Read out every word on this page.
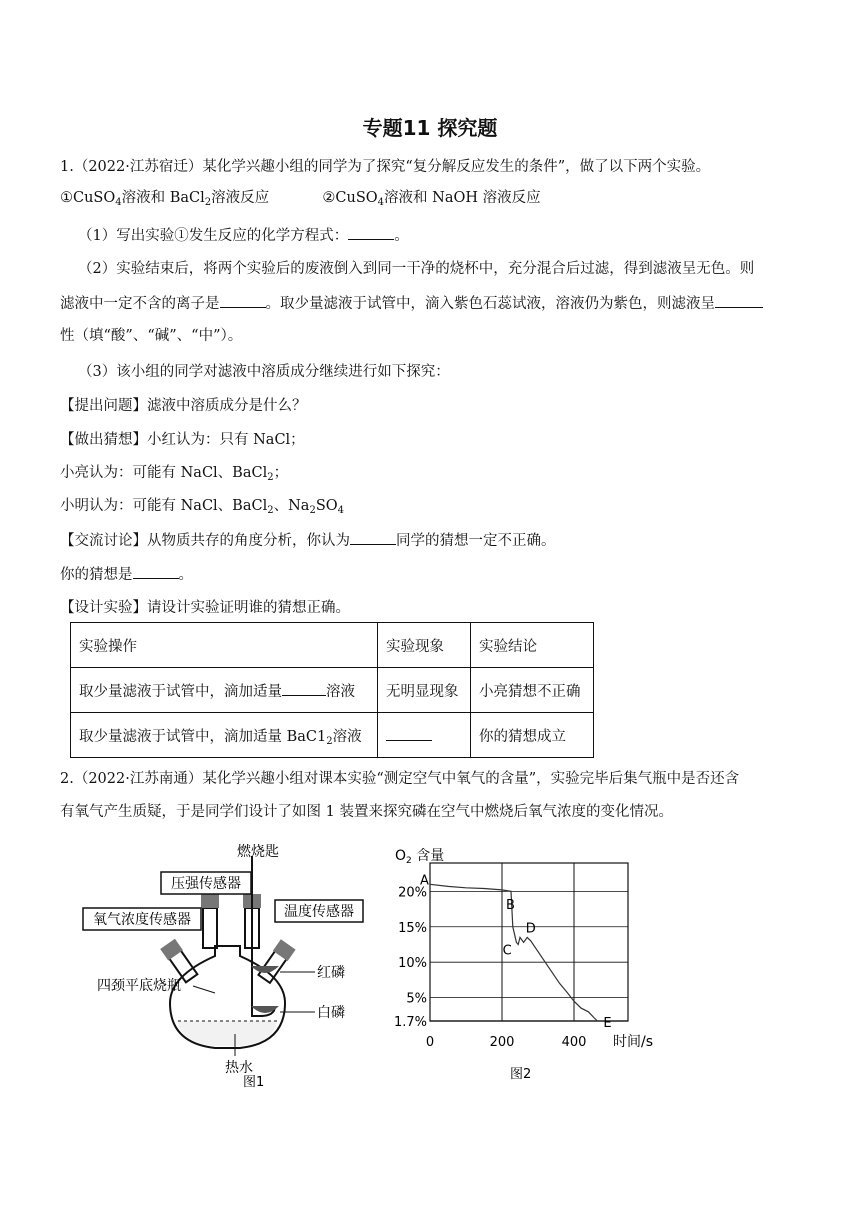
专题11 探究题
1.（2022·江苏宿迁）某化学兴趣小组的同学为了探究“复分解反应发生的条件”，做了以下两个实验。
①CuSO$_4$溶液和 BaCl$_2$溶液反应	②CuSO$_4$溶液和 NaOH 溶液反应
（1）写出实验①发生反应的化学方程式：	。
（2）实验结束后，将两个实验后的废液倒入到同一干净的烧杯中，充分混合后过滤，得到滤液呈无色。则
滤液中一定不含的离子是	。取少量滤液于试管中，滴入紫色石蕊试液，溶液仍为紫色，则滤液呈
性（填“酸”、“碱”、“中”）。
（3）该小组的同学对滤液中溶质成分继续进行如下探究：
【提出问题】滤液中溶质成分是什么？
【做出猜想】小红认为：只有 NaCl；
小亮认为：可能有 NaCl、BaCl$_2$；
小明认为：可能有 NaCl、BaCl$_2$、$Na_2SO_4$
【交流讨论】从物质共存的角度分析，你认为	同学的猜想一定不正确。
你的猜想是	。
【设计实验】请设计实验证明谁的猜想正确。
实验操作	实验现象	实验结论
取少量滤液于试管中，滴加适量 溶液	无明显现象	小亮猜想不正确
取少量滤液于试管中，滴加适量 $BaC1_2$溶液		你的猜想成立
2.（2022·江苏南通）某化学兴趣小组对课本实验“测定空气中氧气的含量”，实验完毕后集气瓶中是否还含
有氧气产生质疑，于是同学们设计了如图 1 装置来探究磷在空气中燃烧后氧气浓度的变化情况。
压强传感器
氧气浓度传感器	温度传感器
燃烧匙
红磷
白磷
四颈平底烧瓶
热水
图1
$O_2$ 含量
0	200	400
1.7%
5%
10%
15%
20%
A
B
C
D
E
时间/s
图2
